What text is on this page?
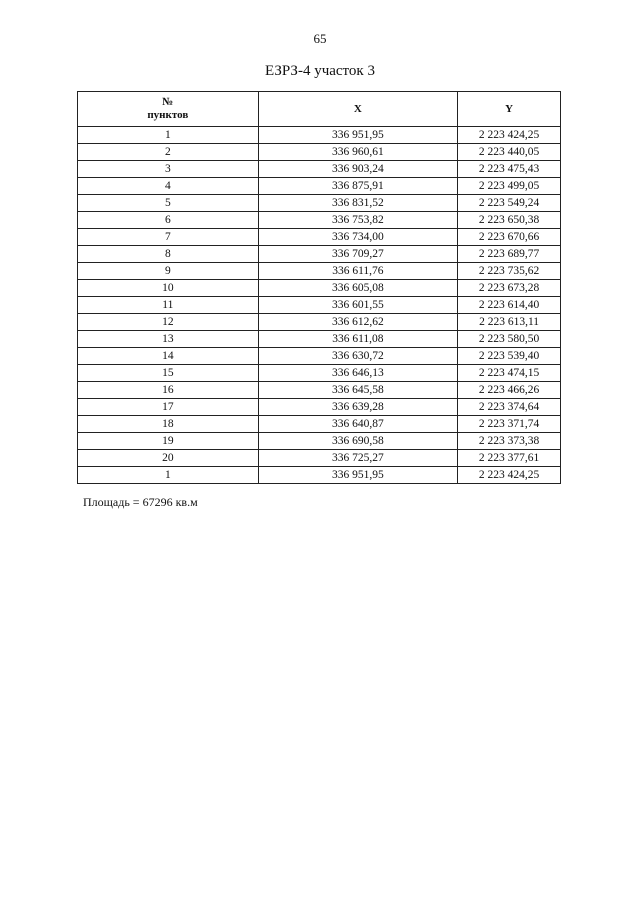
65
ЕЗРЗ-4 участок 3
№
пунктов	X	Y
1	336 951,95	2 223 424,25
2	336 960,61	2 223 440,05
3	336 903,24	2 223 475,43
4	336 875,91	2 223 499,05
5	336 831,52	2 223 549,24
6	336 753,82	2 223 650,38
7	336 734,00	2 223 670,66
8	336 709,27	2 223 689,77
9	336 611,76	2 223 735,62
10	336 605,08	2 223 673,28
11	336 601,55	2 223 614,40
12	336 612,62	2 223 613,11
13	336 611,08	2 223 580,50
14	336 630,72	2 223 539,40
15	336 646,13	2 223 474,15
16	336 645,58	2 223 466,26
17	336 639,28	2 223 374,64
18	336 640,87	2 223 371,74
19	336 690,58	2 223 373,38
20	336 725,27	2 223 377,61
1	336 951,95	2 223 424,25
Площадь = 67296 кв.м
